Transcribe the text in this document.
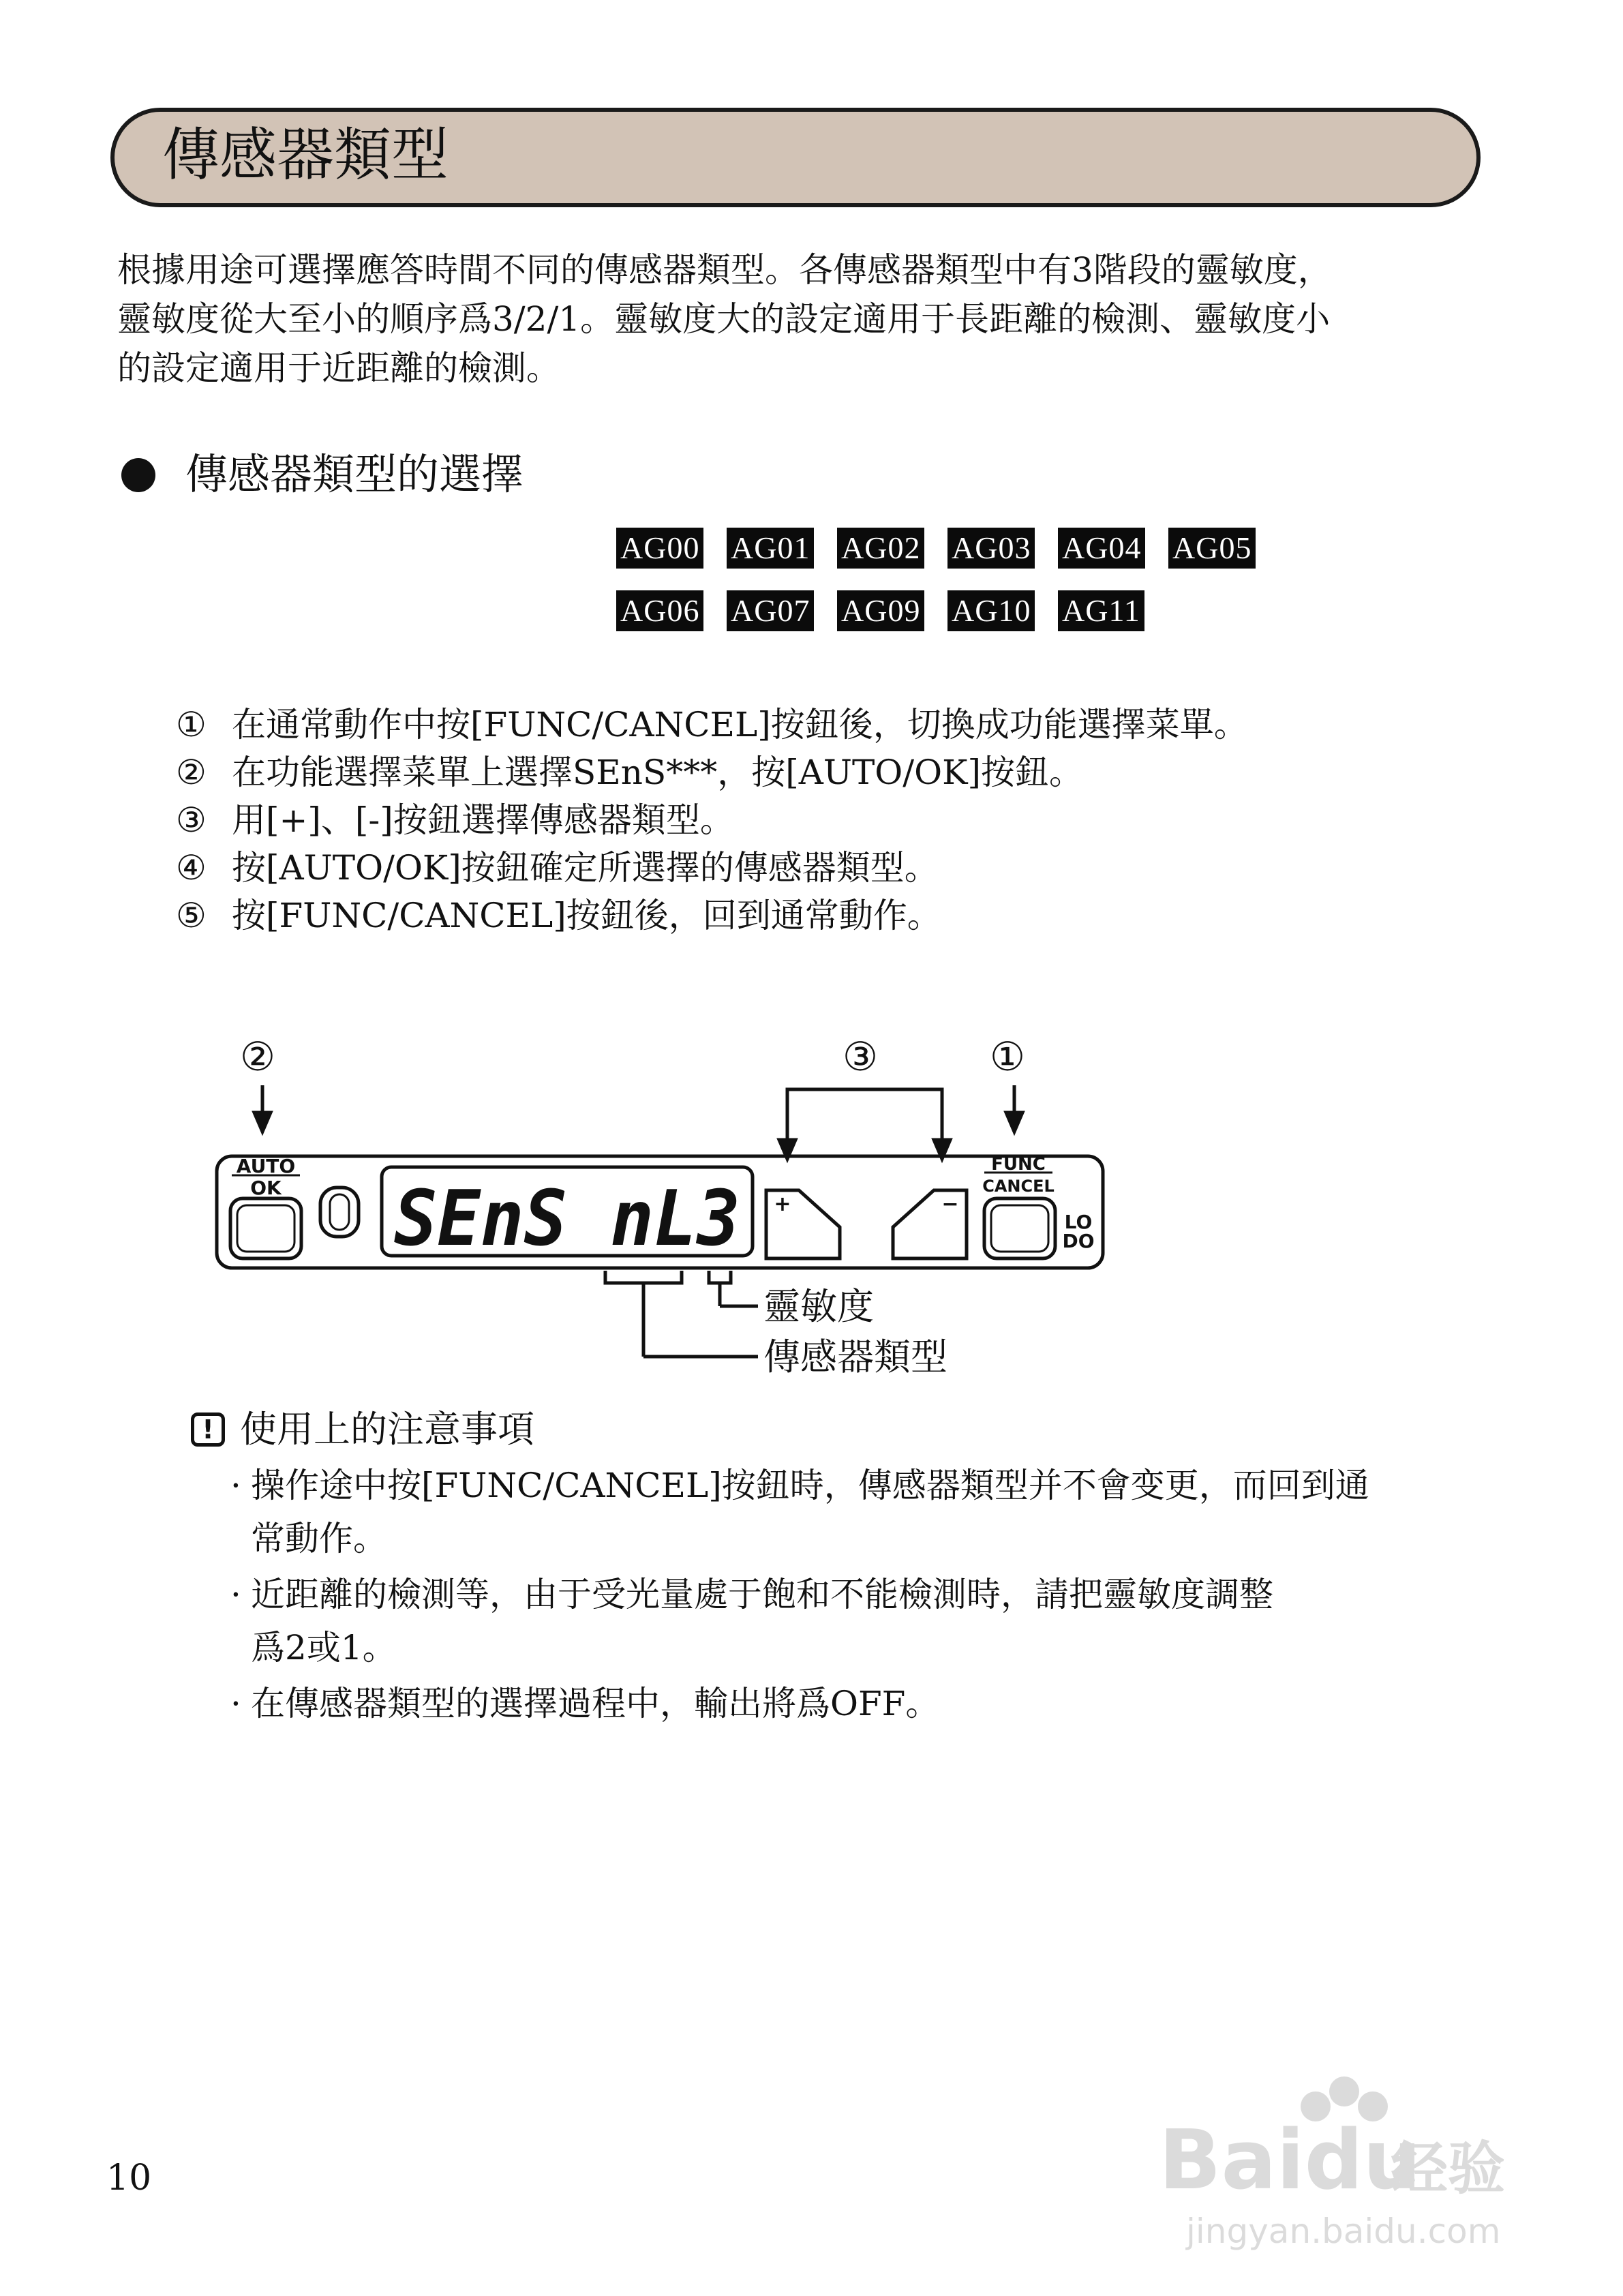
傳感器類型
根據用途可選擇應答時間不同的傳感器類型。各傳感器類型中有3階段的靈敏度，
靈敏度從大至小的順序爲3/2/1。靈敏度大的設定適用于長距離的檢測、靈敏度小
的設定適用于近距離的檢測。
傳感器類型的選擇
AG00 AG01 AG02 AG03 AG04 AG05
AG06 AG07 AG09 AG10 AG11
① 在通常動作中按[FUNC/CANCEL]按鈕後，切換成功能選擇菜單。
② 在功能選擇菜單上選擇SEnS***，按[AUTO/OK]按鈕。
③ 用[+]、[-]按鈕選擇傳感器類型。
④ 按[AUTO/OK]按鈕確定所選擇的傳感器類型。
⑤ 按[FUNC/CANCEL]按鈕後，回到通常動作。
②	③	①
AUTO
OK
FUNC
CANCEL
+	−
LO
DO
SEnS nL3
靈敏度
傳感器類型
! 使用上的注意事項
· 操作途中按[FUNC/CANCEL]按鈕時，傳感器類型并不會变更，而回到通
常動作。
· 近距離的檢測等，由于受光量處于飽和不能檢測時，請把靈敏度調整
爲2或1。
· 在傳感器類型的選擇過程中，輸出將爲OFF。
10	Baidu
经验
jingyan.baidu.com
